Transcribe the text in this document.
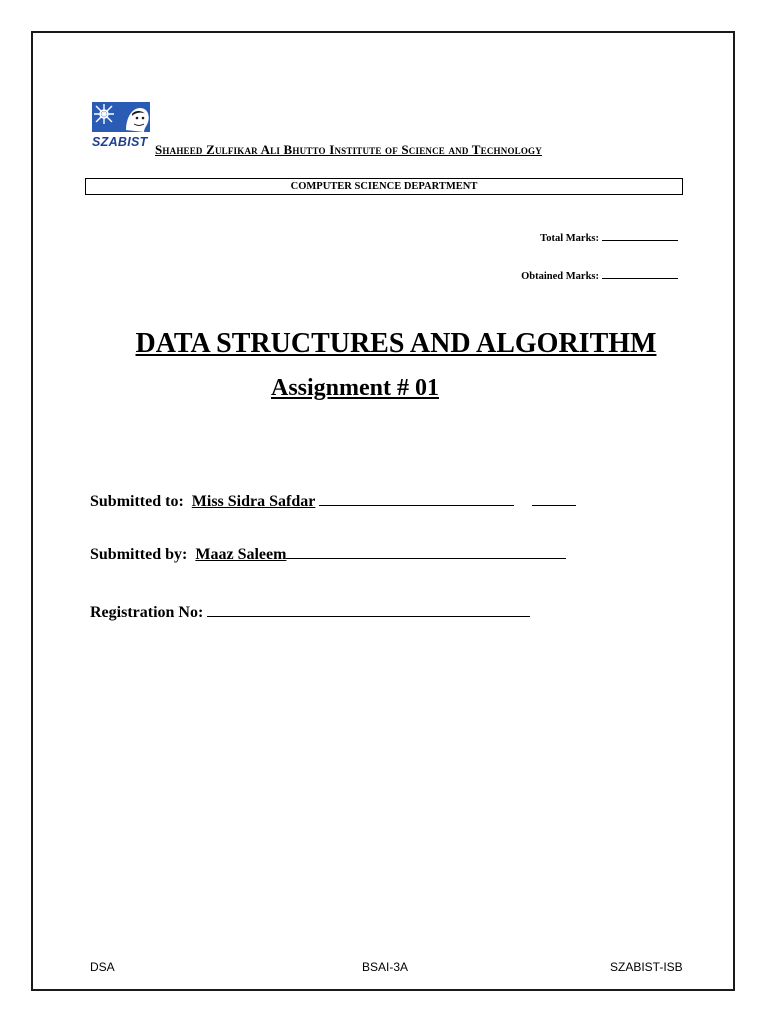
SZABIST Shaheed Zulfikar Ali Bhutto Institute of Science and Technology
COMPUTER SCIENCE DEPARTMENT
Total Marks:
Obtained Marks:
DATA STRUCTURES AND ALGORITHM
Assignment # 01
Submitted to: Miss Sidra Safdar
Submitted by: Maaz Saleem
Registration No:
DSA	BSAI-3A	SZABIST-ISB
